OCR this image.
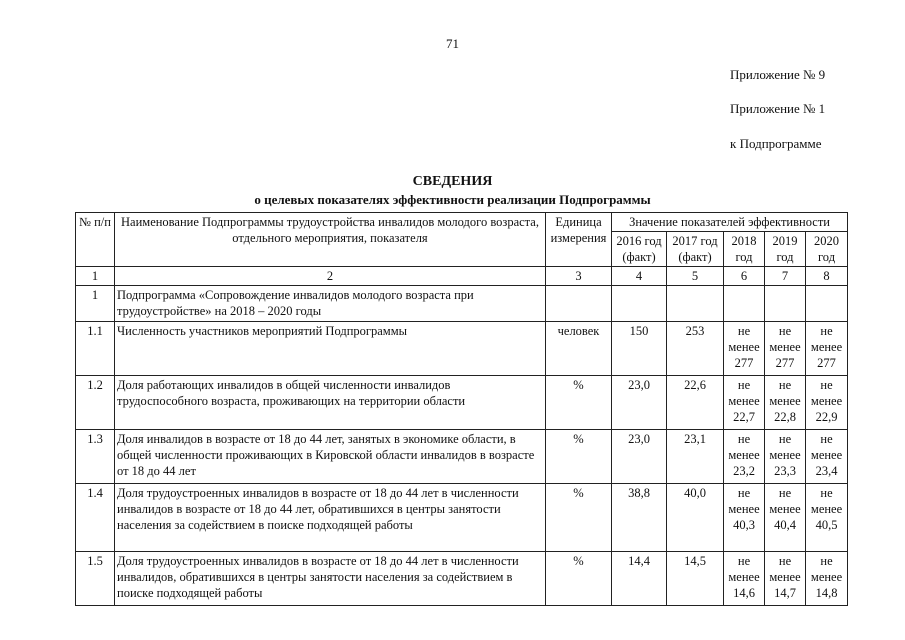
71
Приложение № 9
Приложение № 1
к Подпрограмме
СВЕДЕНИЯ
о целевых показателях эффективности реализации Подпрограммы
№ п/п	Наименование Подпрограммы трудоустройства инвалидов молодого возраста, отдельного мероприятия, показателя	Единица измерения	Значение показателей эффективности				
			2016 год (факт)	2017 год (факт)	2018 год	2019 год	2020 год
1	2	3	4	5	6	7	8
1	Подпрограмма «Сопровождение инвалидов молодого возраста при трудоустройстве» на 2018 – 2020 годы						
1.1	Численность участников мероприятий Подпрограммы	человек	150	253	не менее 277	не менее 277	не менее 277
1.2	Доля работающих инвалидов в общей численности инвалидов трудоспособного возраста, проживающих на территории области	%	23,0	22,6	не менее 22,7	не менее 22,8	не менее 22,9
1.3	Доля инвалидов в возрасте от 18 до 44 лет, занятых в экономике области, в общей численности проживающих в Кировской области инвалидов в возрасте от 18 до 44 лет	%	23,0	23,1	не менее 23,2	не менее 23,3	не менее 23,4
1.4	Доля трудоустроенных инвалидов в возрасте от 18 до 44 лет в численности инвалидов в возрасте от 18 до 44 лет, обратившихся в центры занятости населения за содействием в поиске подходящей работы	%	38,8	40,0	не менее 40,3	не менее 40,4	не менее 40,5
1.5	Доля трудоустроенных инвалидов в возрасте от 18 до 44 лет в численности инвалидов, обратившихся в центры занятости населения за содействием в поиске подходящей работы	%	14,4	14,5	не менее 14,6	не менее 14,7	не менее 14,8
